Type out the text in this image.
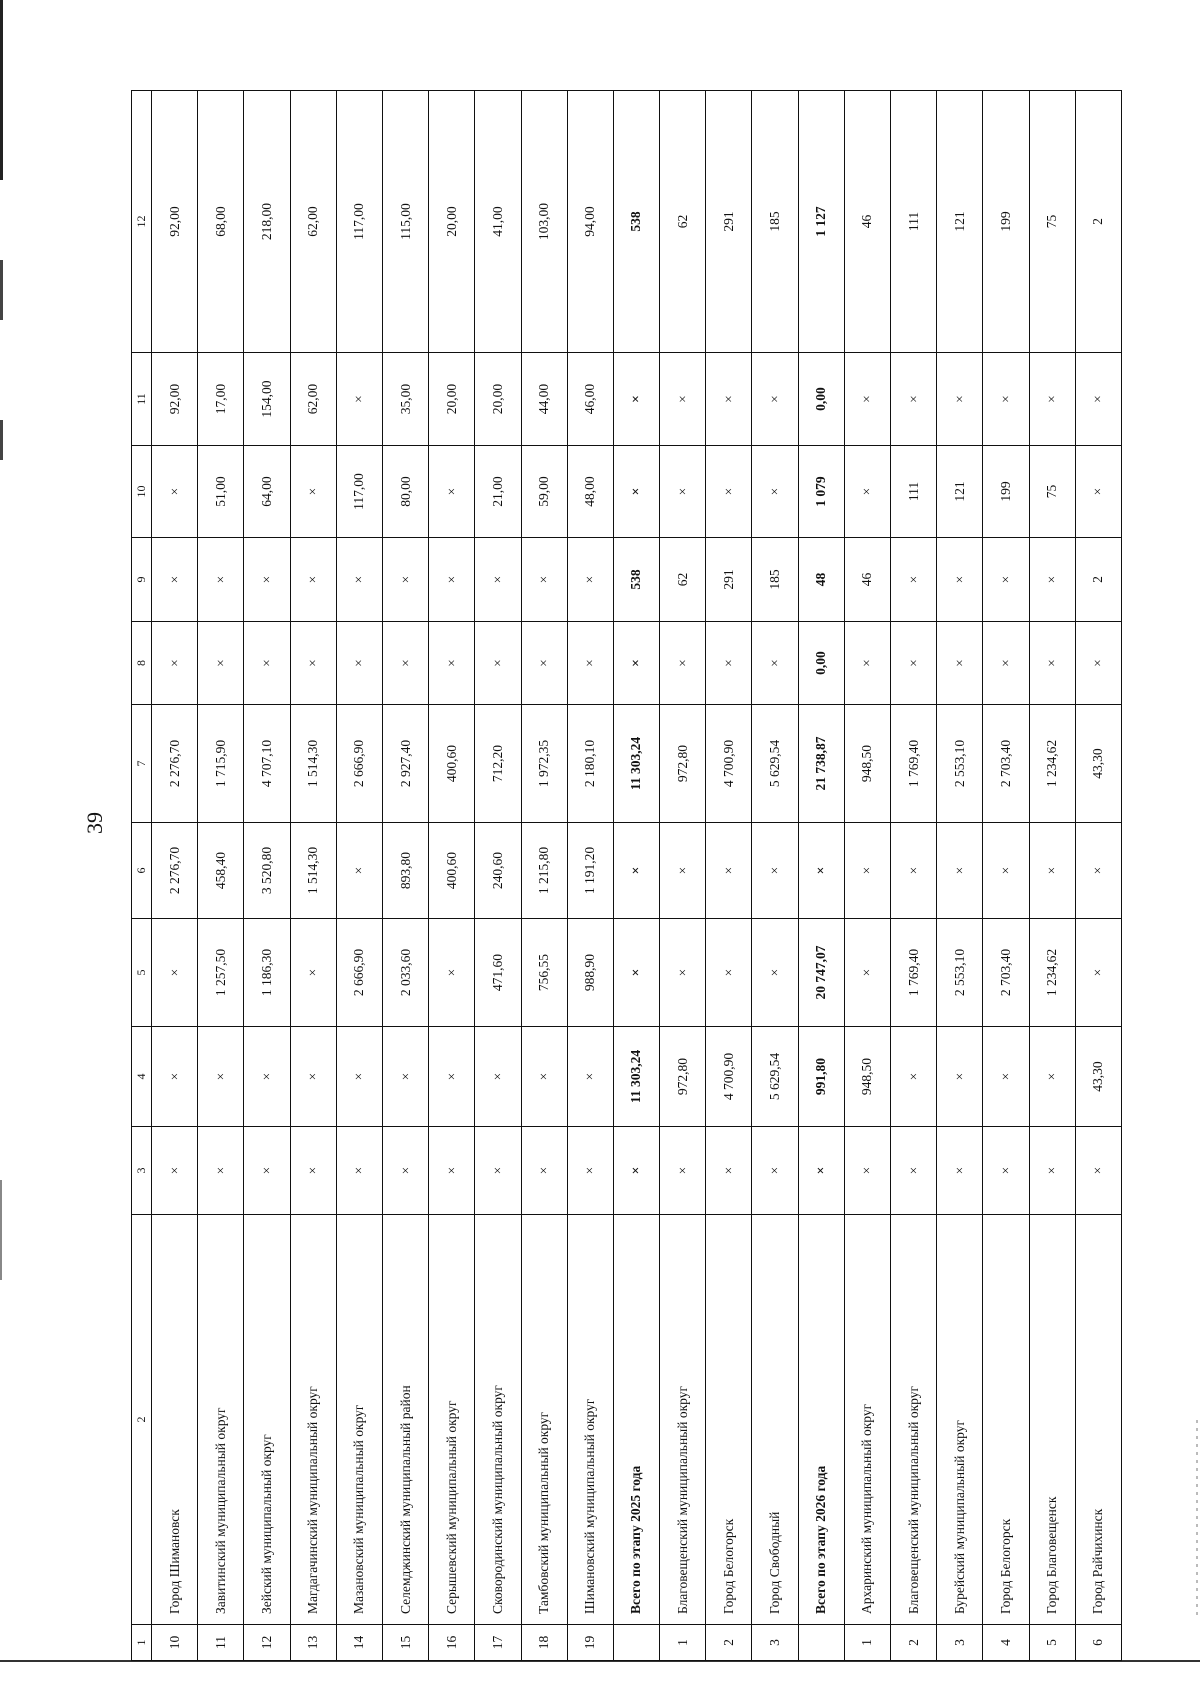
39
1	2	3	4	5	6	7	8	9	10	11	12
10	Город Шимановск	×	×	×	2 276,70	2 276,70	×	×	×	92,00	92,00
11	Завитинский муниципальный округ	×	×	1 257,50	458,40	1 715,90	×	×	51,00	17,00	68,00
12	Зейский муниципальный округ	×	×	1 186,30	3 520,80	4 707,10	×	×	64,00	154,00	218,00
13	Магдагачинский муниципальный округ	×	×	×	1 514,30	1 514,30	×	×	×	62,00	62,00
14	Мазановский муниципальный округ	×	×	2 666,90	×	2 666,90	×	×	117,00	×	117,00
15	Селемджинский муниципальный район	×	×	2 033,60	893,80	2 927,40	×	×	80,00	35,00	115,00
16	Серышевский муниципальный округ	×	×	×	400,60	400,60	×	×	×	20,00	20,00
17	Сковородинский муниципальный округ	×	×	471,60	240,60	712,20	×	×	21,00	20,00	41,00
18	Тамбовский муниципальный округ	×	×	756,55	1 215,80	1 972,35	×	×	59,00	44,00	103,00
19	Шимановский муниципальный округ	×	×	988,90	1 191,20	2 180,10	×	×	48,00	46,00	94,00
	Всего по этапу 2025 года	×	11 303,24	×	×	11 303,24	×	538	×	×	538
1	Благовещенский муниципальный округ	×	972,80	×	×	972,80	×	62	×	×	62
2	Город Белогорск	×	4 700,90	×	×	4 700,90	×	291	×	×	291
3	Город Свободный	×	5 629,54	×	×	5 629,54	×	185	×	×	185
	Всего по этапу 2026 года	×	991,80	20 747,07	×	21 738,87	0,00	48	1 079	0,00	1 127
1	Архаринский муниципальный округ	×	948,50	×	×	948,50	×	46	×	×	46
2	Благовещенский муниципальный округ	×	×	1 769,40	×	1 769,40	×	×	111	×	111
3	Бурейский муниципальный округ	×	×	2 553,10	×	2 553,10	×	×	121	×	121
4	Город Белогорск	×	×	2 703,40	×	2 703,40	×	×	199	×	199
5	Город Благовещенск	×	×	1 234,62	×	1 234,62	×	×	75	×	75
6	Город Райчихинск	×	43,30	×	×	43,30	×	2	×	×	2
